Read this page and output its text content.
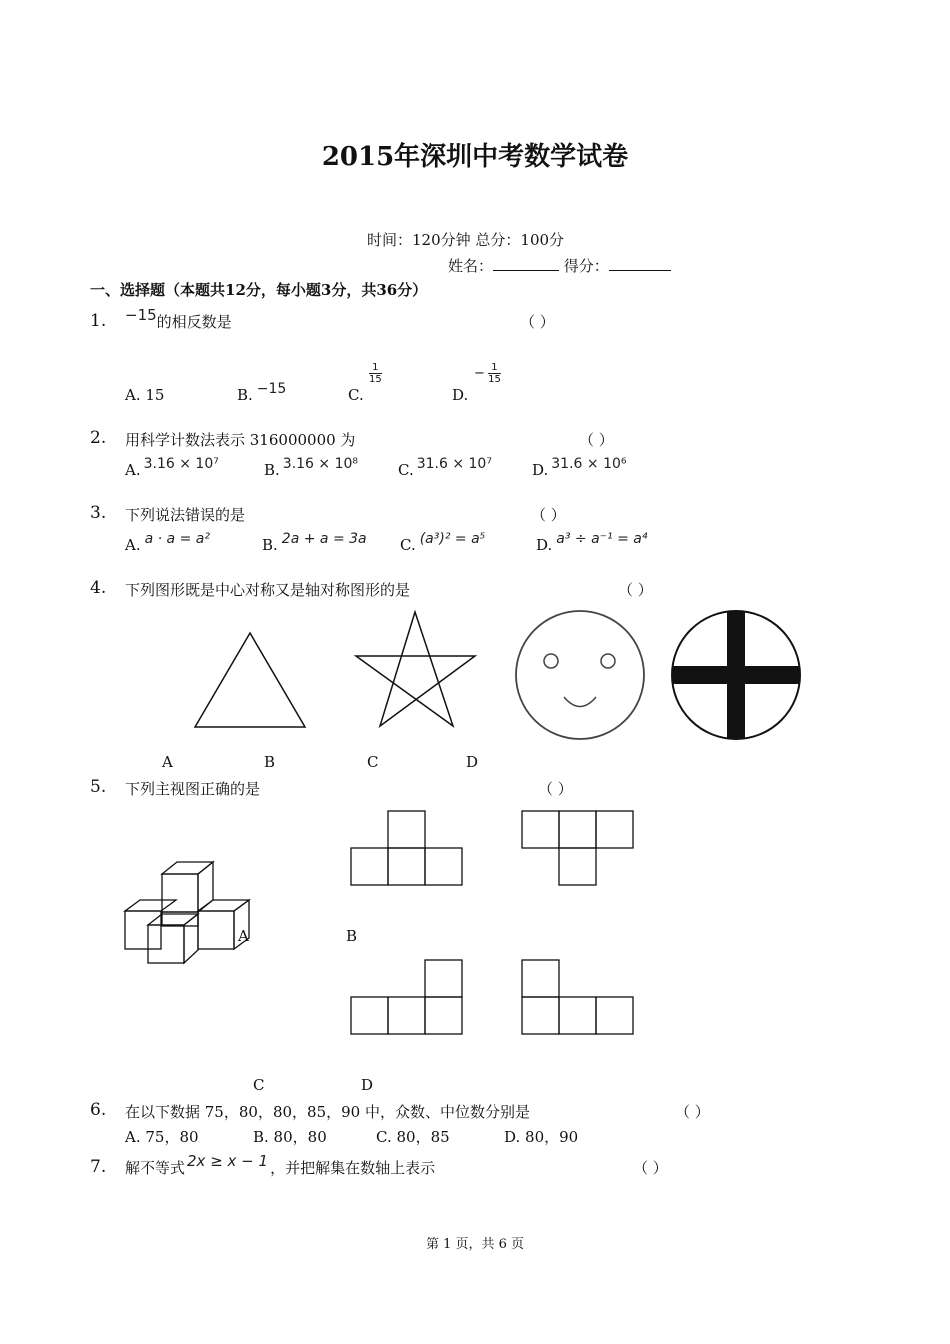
2015年深圳中考数学试卷
时间：120分钟 总分：100分
姓名：	得分：
一、选择题（本题共12分，每小题3分，共36分）
1. −15的相反数是	（ ）
A. 15	B. −15	C.
$\frac{1}{15}$
D.
− $\frac{1}{15}$
2. 用科学计数法表示 316000000 为	（ ）
A. 3.16 × 10⁷	B. 3.16 × 10⁸	C. 31.6 × 10⁷	D. 31.6 × 10⁶
3. 下列说法错误的是	（ ）
A. a · a = a²	B. 2a + a = 3a C. (a³)² = a⁵	D. a³ ÷ a⁻¹ = a⁴
4. 下列图形既是中心对称又是轴对称图形的是	（ ）
A	B	C	D
5. 下列主视图正确的是	（ ）
A	B
C	D
6. 在以下数据 75，80，80，85，90 中，众数、中位数分别是	（ ）
A. 75，80	B. 80，80	C. 80，85	D. 80，90
7. 解不等式 2x ≥ x − 1 ，并把解集在数轴上表示	（ ）
第 1 页，共 6 页
